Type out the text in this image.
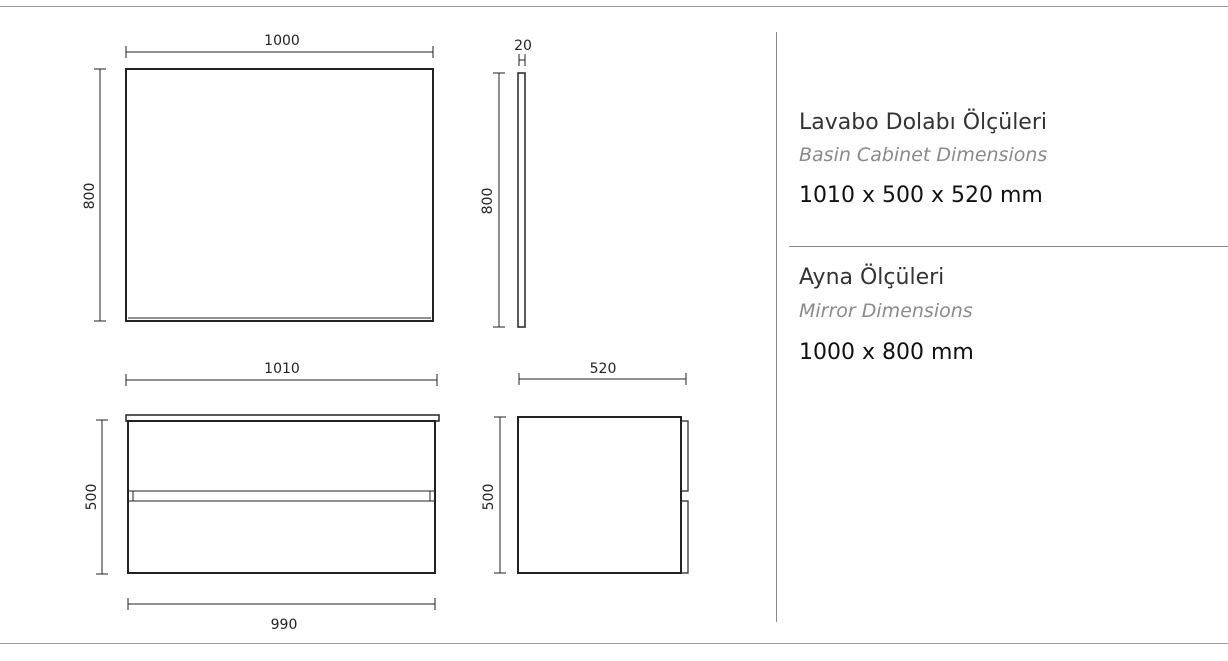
1000
800
20
800
1010
500
990
520
500
Lavabo Dolabı Ölçüleri
Basin Cabinet Dimensions
1010 x 500 x 520 mm
Ayna Ölçüleri
Mirror Dimensions
1000 x 800 mm
